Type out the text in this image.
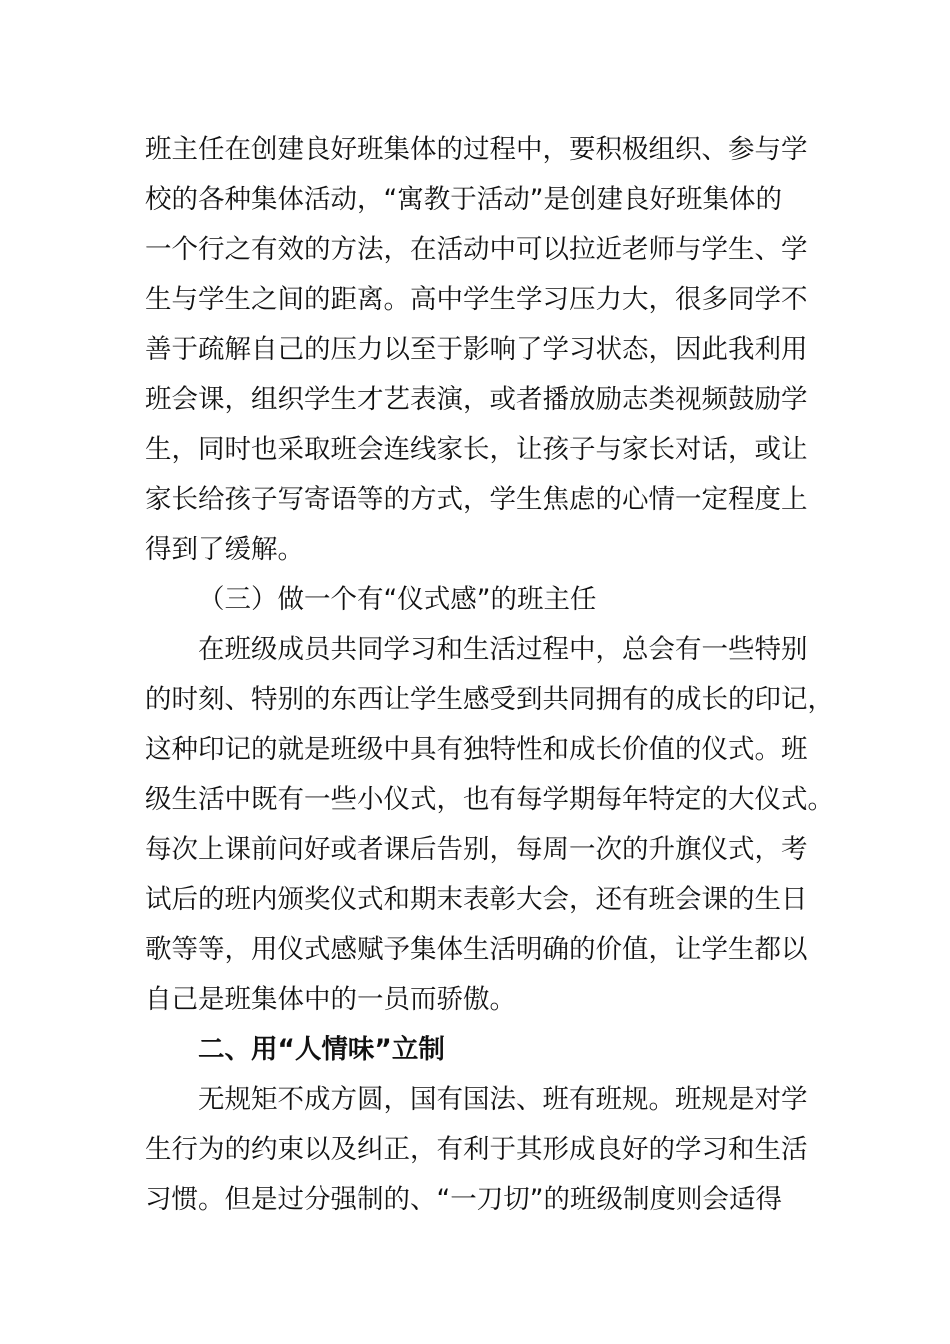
班主任在创建良好班集体的过程中，要积极组织、参与学
校的各种集体活动，“寓教于活动”是创建良好班集体的
一个行之有效的方法，在活动中可以拉近老师与学生、学
生与学生之间的距离。高中学生学习压力大，很多同学不
善于疏解自己的压力以至于影响了学习状态，因此我利用
班会课，组织学生才艺表演，或者播放励志类视频鼓励学
生，同时也采取班会连线家长，让孩子与家长对话，或让
家长给孩子写寄语等的方式，学生焦虑的心情一定程度上
得到了缓解。
（三）做一个有“仪式感”的班主任
在班级成员共同学习和生活过程中，总会有一些特别
的时刻、特别的东西让学生感受到共同拥有的成长的印记，
这种印记的就是班级中具有独特性和成长价值的仪式。班
级生活中既有一些小仪式，也有每学期每年特定的大仪式。
每次上课前问好或者课后告别，每周一次的升旗仪式，考
试后的班内颁奖仪式和期末表彰大会，还有班会课的生日
歌等等，用仪式感赋予集体生活明确的价值，让学生都以
自己是班集体中的一员而骄傲。
二、用“人情味”立制
无规矩不成方圆，国有国法、班有班规。班规是对学
生行为的约束以及纠正，有利于其形成良好的学习和生活
习惯。但是过分强制的、“一刀切”的班级制度则会适得
